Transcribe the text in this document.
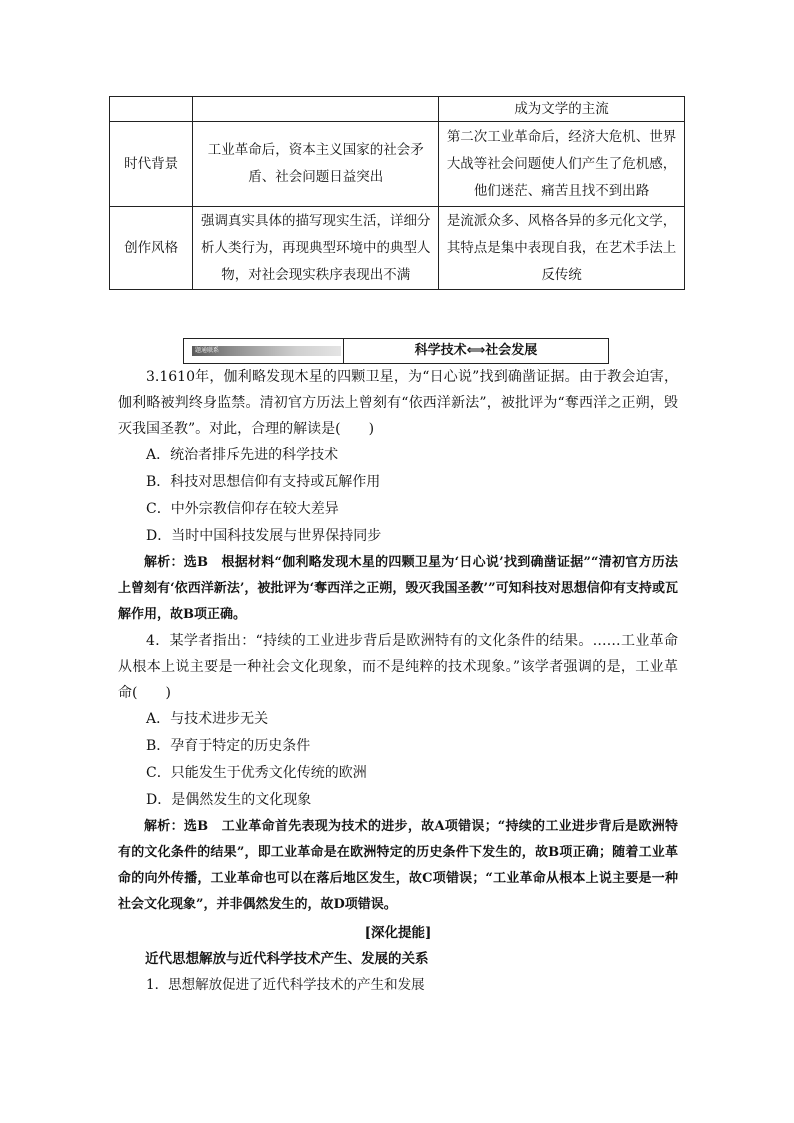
		成为文学的主流
时代背景	工业革命后，资本主义国家的社会矛盾、社会问题日益突出	第二次工业革命后，经济大危机、世界大战等社会问题使人们产生了危机感，他们迷茫、痛苦且找不到出路
创作风格	强调真实具体的描写现实生活，详细分析人类行为，再现典型环境中的典型人物，对社会现实秩序表现出不满	是流派众多、风格各异的多元化文学，其特点是集中表现自我，在艺术手法上反传统
题通联系	科学技术⟺社会发展

3.1610年，伽利略发现木星的四颗卫星，为“日心说”找到确凿证据。由于教会迫害，伽利略被判终身监禁。清初官方历法上曾刻有“依西洋新法”，被批评为“奪西洋之正朔，毁灭我国圣教”。对此，合理的解读是(　　)

A．统治者排斥先进的科学技术

B．科技对思想信仰有支持或瓦解作用

C．中外宗教信仰存在较大差异

D．当时中国科技发展与世界保持同步

解析：选B　根据材料“伽利略发现木星的四颗卫星为‘日心说’找到确凿证据”“清初官方历法上曾刻有‘依西洋新法’，被批评为‘奪西洋之正朔，毁灭我国圣教’”可知科技对思想信仰有支持或瓦解作用，故B项正确。

4．某学者指出：“持续的工业进步背后是欧洲特有的文化条件的结果。……工业革命从根本上说主要是一种社会文化现象，而不是纯粹的技术现象。”该学者强调的是，工业革命(　　)

A．与技术进步无关

B．孕育于特定的历史条件

C．只能发生于优秀文化传统的欧洲

D．是偶然发生的文化现象

解析：选B　工业革命首先表现为技术的进步，故A项错误；“持续的工业进步背后是欧洲特有的文化条件的结果”，即工业革命是在欧洲特定的历史条件下发生的，故B项正确；随着工业革命的向外传播，工业革命也可以在落后地区发生，故C项错误；“工业革命从根本上说主要是一种社会文化现象”，并非偶然发生的，故D项错误。

[深化提能]

近代思想解放与近代科学技术产生、发展的关系

1．思想解放促进了近代科学技术的产生和发展
